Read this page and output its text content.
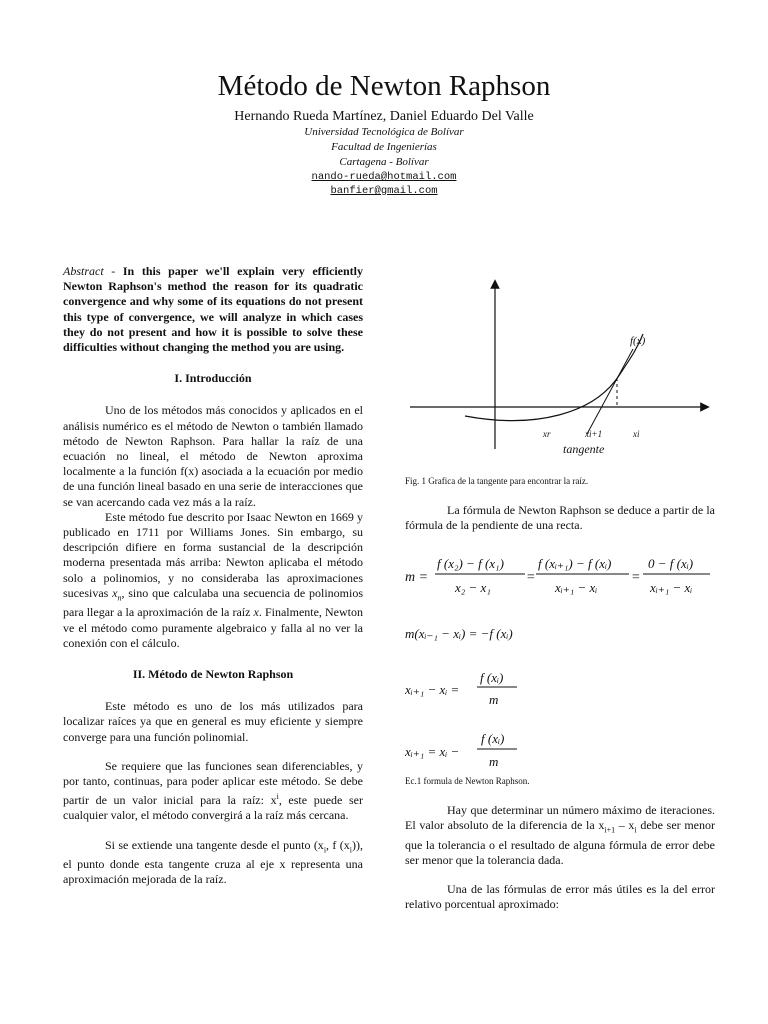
Método de Newton Raphson
Hernando Rueda Martínez, Daniel Eduardo Del Valle
Universidad Tecnológica de Bolívar
Facultad de Ingenierías
Cartagena - Bolívar
nando-rueda@hotmail.com
banfier@gmail.com

Abstract - In this paper we'll explain very efficiently Newton Raphson's method the reason for its quadratic convergence and why some of its equations do not present this type of convergence, we will analyze in which cases they do not present and how it is possible to solve these difficulties without changing the method you are using.

I. Introducción

Uno de los métodos más conocidos y aplicados en el análisis numérico es el método de Newton o también llamado método de Newton Raphson. Para hallar la raíz de una ecuación no lineal, el método de Newton aproxima localmente a la función f(x) asociada a la ecuación por medio de una función lineal basado en una serie de interacciones que se van acercando cada vez más a la raíz.

Este método fue descrito por Isaac Newton en 1669 y publicado en 1711 por Williams Jones. Sin embargo, su descripción difiere en forma sustancial de la descripción moderna presentada más arriba: Newton aplicaba el método solo a polinomios, y no consideraba las aproximaciones sucesivas $x_n$, sino que calculaba una secuencia de polinomios para llegar a la aproximación de la raíz x. Finalmente, Newton ve el método como puramente algebraico y falla al no ver la conexión con el cálculo.

II. Método de Newton Raphson

Este método es uno de los más utilizados para localizar raíces ya que en general es muy eficiente y siempre converge para una función polinomial.

Se requiere que las funciones sean diferenciables, y por tanto, continuas, para poder aplicar este método. Se debe partir de un valor inicial para la raíz: $x^i$, este puede ser cualquier valor, el método convergirá a la raíz más cercana.

Si se extiende una tangente desde el punto ($x_i$, f $(x_i)$), el punto donde esta tangente cruza al eje x representa una aproximación mejorada de la raíz.

f(x)
xr	xi+1	xi
tangente
Fig. 1 Grafica de la tangente para encontrar la raíz.

La fórmula de Newton Raphson se deduce a partir de la fórmula de la pendiente de una recta.

m =
f (x₂) − f (x₁)
x₂ − x₁
=
f (xᵢ₊₁) − f (xᵢ)
xᵢ₊₁ − xᵢ
=
0 − f (xᵢ)
xᵢ₊₁ − xᵢ
m(xᵢ₋₁ − xᵢ) = −f (xᵢ)
xᵢ₊₁ − xᵢ =
f (xᵢ)
m
xᵢ₊₁ = xᵢ −
f (xᵢ)
m
Ec.1 formula de Newton Raphson.

Hay que determinar un número máximo de iteraciones. El valor absoluto de la diferencia de la $x_{i+1} - x_i$ debe ser menor que la tolerancia o el resultado de alguna fórmula de error debe ser menor que la tolerancia dada.

Una de las fórmulas de error más útiles es la del error relativo porcentual aproximado:
